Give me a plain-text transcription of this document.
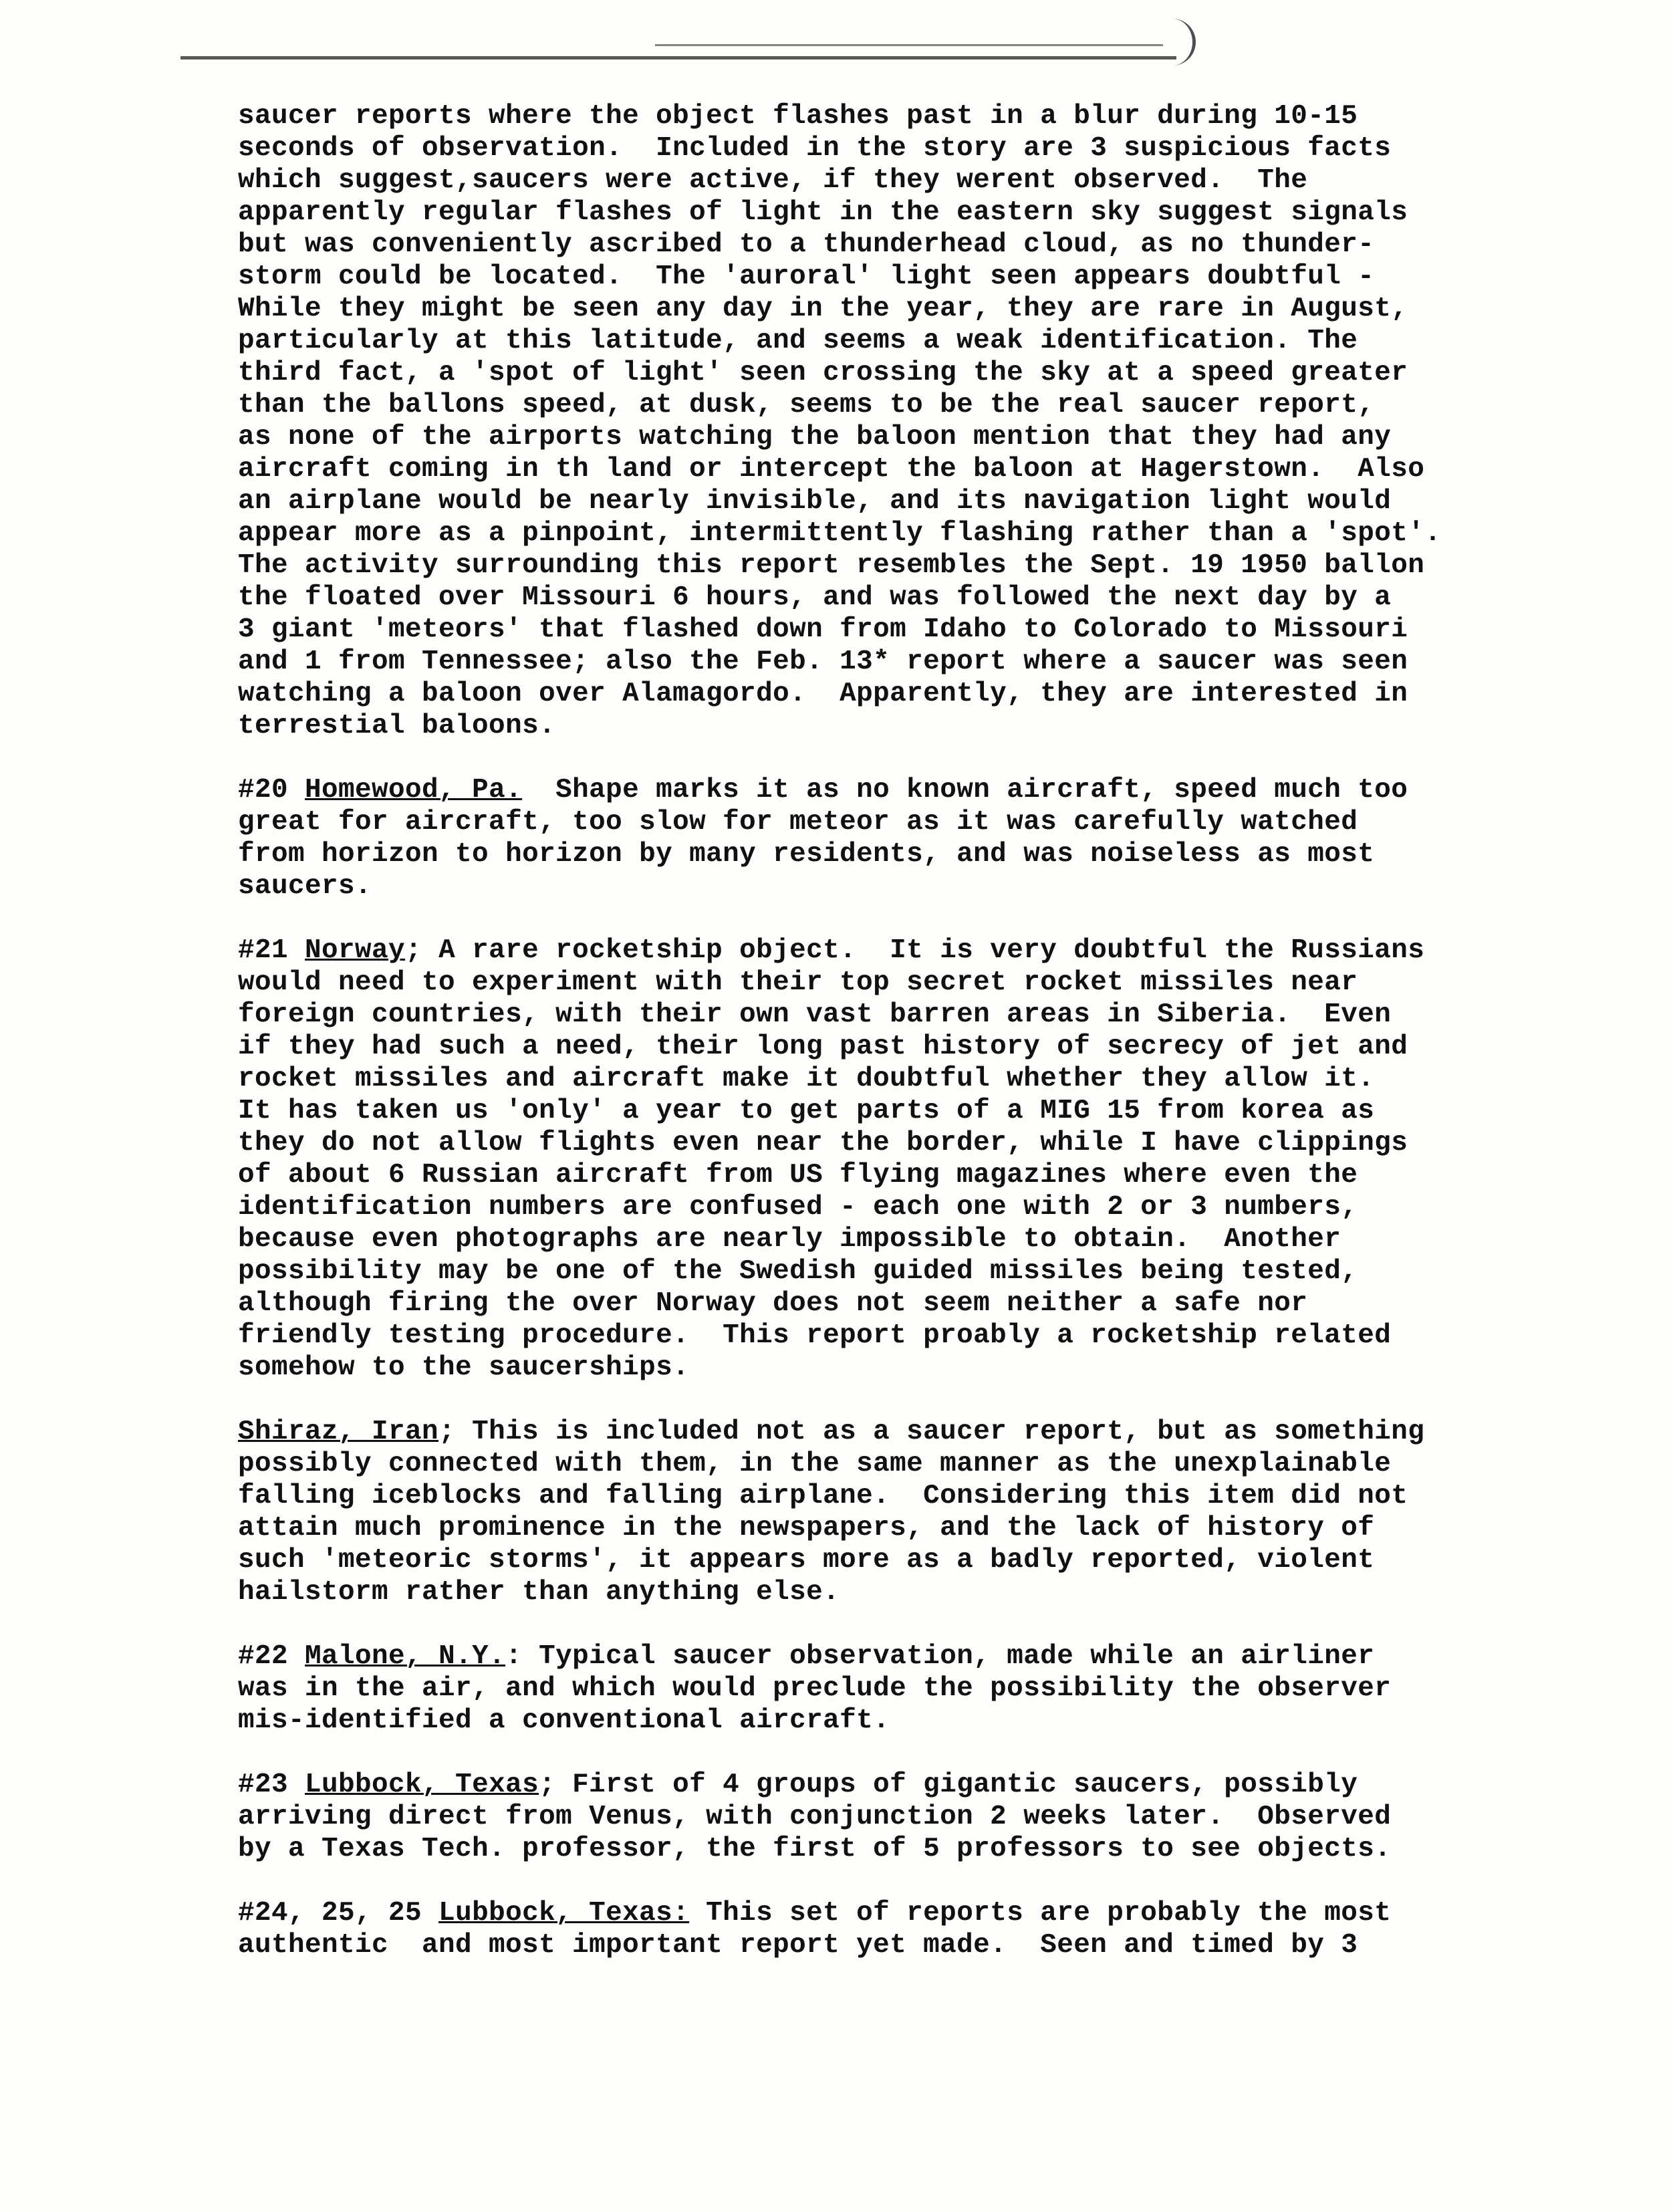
saucer reports where the object flashes past in a blur during 10-15
seconds of observation.  Included in the story are 3 suspicious facts
which suggest,saucers were active, if they werent observed.  The
apparently regular flashes of light in the eastern sky suggest signals
but was conveniently ascribed to a thunderhead cloud, as no thunder-
storm could be located.  The 'auroral' light seen appears doubtful -
While they might be seen any day in the year, they are rare in August,
particularly at this latitude, and seems a weak identification. The
third fact, a 'spot of light' seen crossing the sky at a speed greater
than the ballons speed, at dusk, seems to be the real saucer report,
as none of the airports watching the baloon mention that they had any
aircraft coming in th land or intercept the baloon at Hagerstown.  Also
an airplane would be nearly invisible, and its navigation light would
appear more as a pinpoint, intermittently flashing rather than a 'spot'.
The activity surrounding this report resembles the Sept. 19 1950 ballon
the floated over Missouri 6 hours, and was followed the next day by a
3 giant 'meteors' that flashed down from Idaho to Colorado to Missouri
and 1 from Tennessee; also the Feb. 13* report where a saucer was seen
watching a baloon over Alamagordo.  Apparently, they are interested in
terrestial baloons.
#20 Homewood, Pa.  Shape marks it as no known aircraft, speed much too
great for aircraft, too slow for meteor as it was carefully watched
from horizon to horizon by many residents, and was noiseless as most
saucers.
#21 Norway; A rare rocketship object.  It is very doubtful the Russians
would need to experiment with their top secret rocket missiles near
foreign countries, with their own vast barren areas in Siberia.  Even
if they had such a need, their long past history of secrecy of jet and
rocket missiles and aircraft make it doubtful whether they allow it.
It has taken us 'only' a year to get parts of a MIG 15 from korea as
they do not allow flights even near the border, while I have clippings
of about 6 Russian aircraft from US flying magazines where even the
identification numbers are confused - each one with 2 or 3 numbers,
because even photographs are nearly impossible to obtain.  Another
possibility may be one of the Swedish guided missiles being tested,
although firing the over Norway does not seem neither a safe nor
friendly testing procedure.  This report proably a rocketship related
somehow to the saucerships.
Shiraz, Iran; This is included not as a saucer report, but as something
possibly connected with them, in the same manner as the unexplainable
falling iceblocks and falling airplane.  Considering this item did not
attain much prominence in the newspapers, and the lack of history of
such 'meteoric storms', it appears more as a badly reported, violent
hailstorm rather than anything else.
#22 Malone, N.Y.: Typical saucer observation, made while an airliner
was in the air, and which would preclude the possibility the observer
mis-identified a conventional aircraft.
#23 Lubbock, Texas; First of 4 groups of gigantic saucers, possibly
arriving direct from Venus, with conjunction 2 weeks later.  Observed
by a Texas Tech. professor, the first of 5 professors to see objects.
#24, 25, 25 Lubbock, Texas: This set of reports are probably the most
authentic  and most important report yet made.  Seen and timed by 3
